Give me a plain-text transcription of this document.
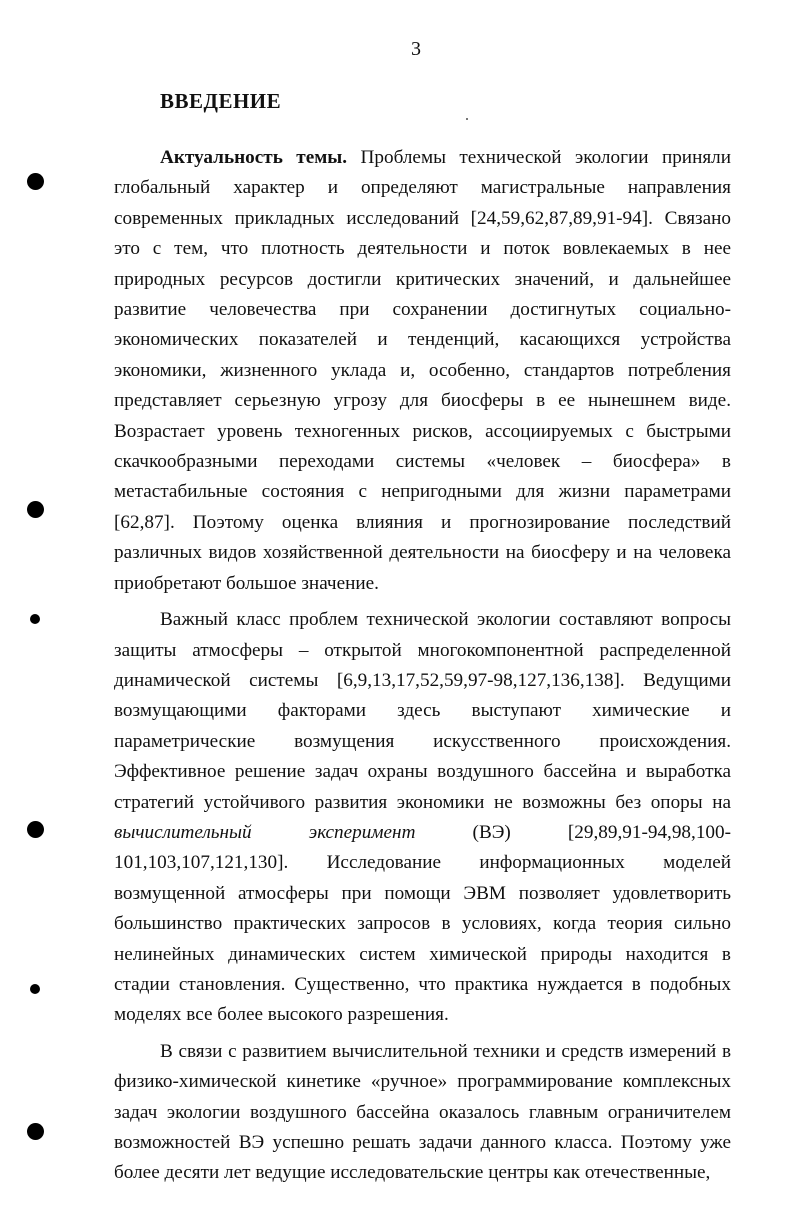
3
ВВЕДЕНИЕ

Актуальность темы. Проблемы технической экологии приняли глобальный характер и определяют магистральные направления современных прикладных исследований [24,59,62,87,89,91-94]. Связано это с тем, что плотность деятельности и поток вовлекаемых в нее природных ресурсов достигли критических значений, и дальнейшее развитие человечества при сохранении достигнутых социально-экономических показателей и тенденций, касающихся устройства экономики, жизненного уклада и, особенно, стандартов потребления представляет серьезную угрозу для биосферы в ее нынешнем виде. Возрастает уровень техногенных рисков, ассоциируемых с быстрыми скачкообразными переходами системы «человек – биосфера» в метастабильные состояния с непригодными для жизни параметрами [62,87]. Поэтому оценка влияния и прогнозирование последствий различных видов хозяйственной деятельности на биосферу и на человека приобретают большое значение.

Важный класс проблем технической экологии составляют вопросы защиты атмосферы – открытой многокомпонентной распределенной динамической системы [6,9,13,17,52,59,97-98,127,136,138]. Ведущими возмущающими факторами здесь выступают химические и параметрические возмущения искусственного происхождения. Эффективное решение задач охраны воздушного бассейна и выработка стратегий устойчивого развития экономики не возможны без опоры на вычислительный эксперимент (ВЭ) [29,89,91-94,98,100-101,103,107,121,130]. Исследование информационных моделей возмущенной атмосферы при помощи ЭВМ позволяет удовлетворить большинство практических запросов в условиях, когда теория сильно нелинейных динамических систем химической природы находится в стадии становления. Существенно, что практика нуждается в подобных моделях все более высокого разрешения.

В связи с развитием вычислительной техники и средств измерений в физико-химической кинетике «ручное» программирование комплексных задач экологии воздушного бассейна оказалось главным ограничителем возможностей ВЭ успешно решать задачи данного класса. Поэтому уже более десяти лет ведущие исследовательские центры как отечественные,
